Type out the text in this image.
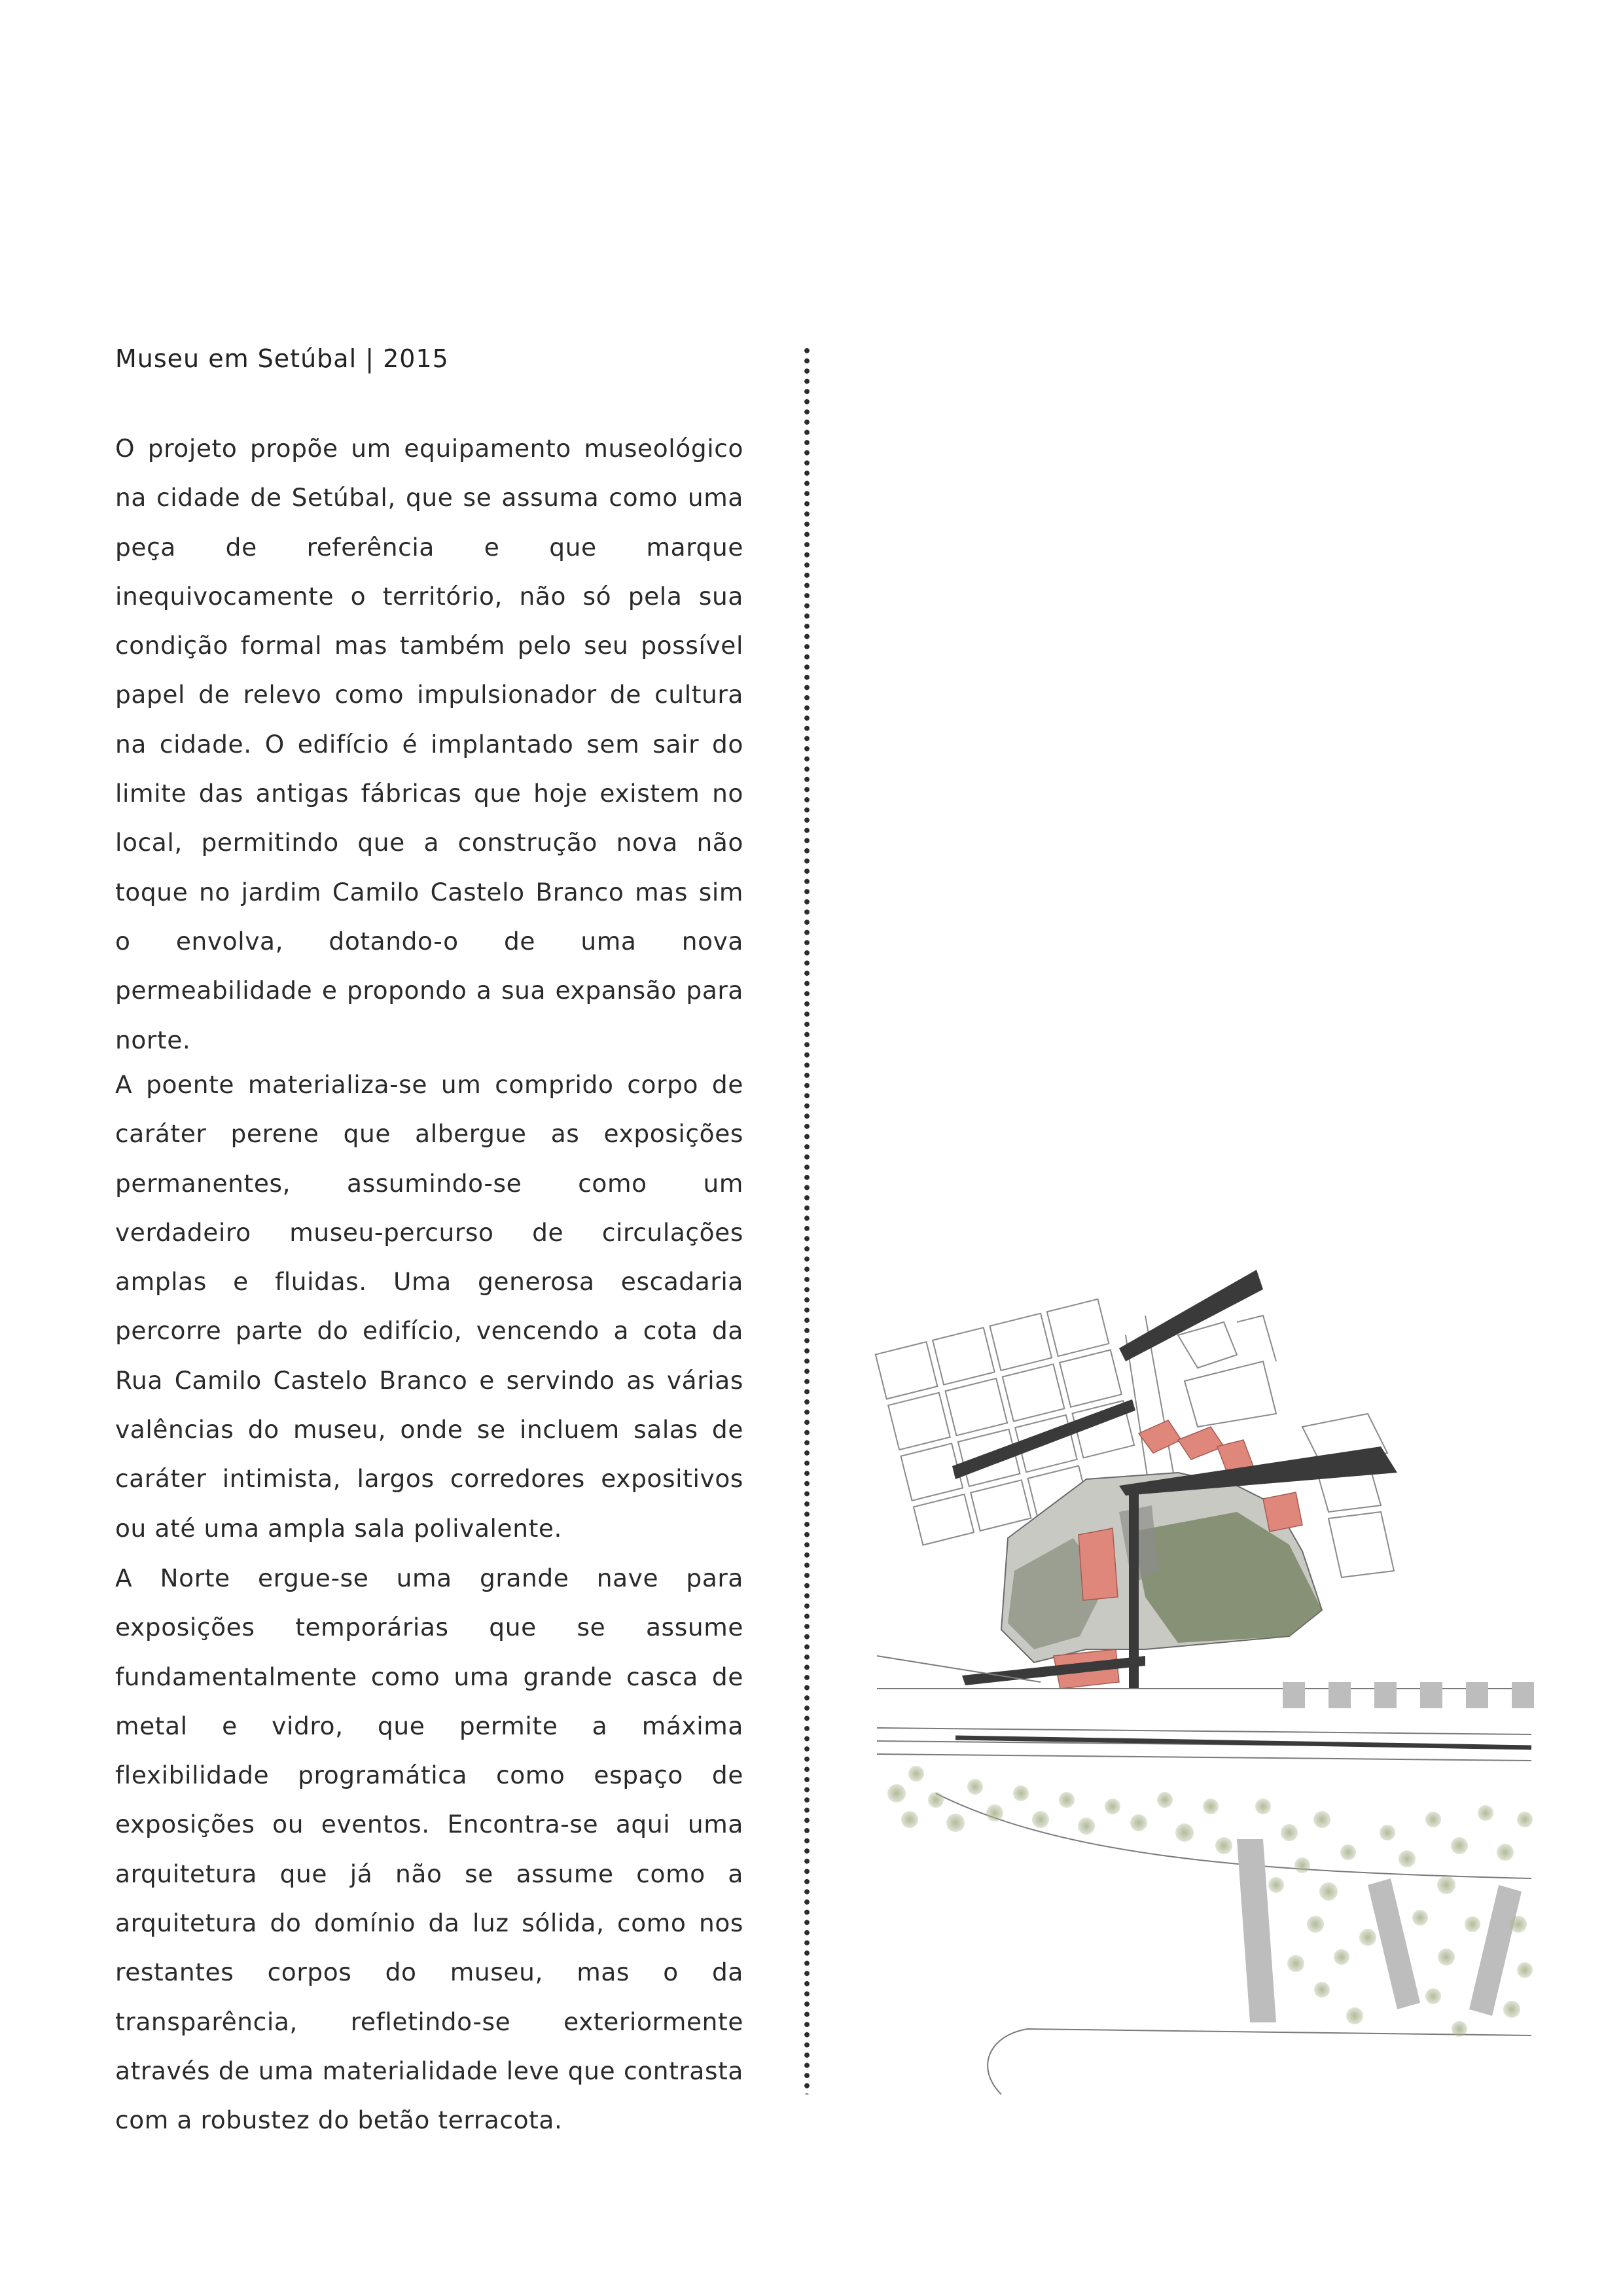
Museu em Setúbal | 2015

O projeto propõe um equipamento museológico na cidade de Setúbal, que se assuma como uma peça de referência e que marque inequivocamente o território, não só pela sua condição formal mas também pelo seu possível papel de relevo como impulsionador de cultura na cidade. O edifício é implantado sem sair do limite das antigas fábricas que hoje existem no local, permitindo que a construção nova não toque no jardim Camilo Castelo Branco mas sim o envolva, dotando-o de uma nova permeabilidade e propondo a sua expansão para norte.

A poente materializa-se um comprido corpo de caráter perene que albergue as exposições permanentes, assumindo-se como um verdadeiro museu-percurso de circulações amplas e fluidas. Uma generosa escadaria percorre parte do edifício, vencendo a cota da Rua Camilo Castelo Branco e servindo as várias valências do museu, onde se incluem salas de caráter intimista, largos corredores expositivos ou até uma ampla sala polivalente.

A Norte ergue-se uma grande nave para exposições temporárias que se assume fundamentalmente como uma grande casca de metal e vidro, que permite a máxima flexibilidade programática como espaço de exposições ou eventos. Encontra-se aqui uma arquitetura que já não se assume como a arquitetura do domínio da luz sólida, como nos restantes corpos do museu, mas o da transparência, refletindo-se exteriormente através de uma materialidade leve que contrasta com a robustez do betão terracota.
